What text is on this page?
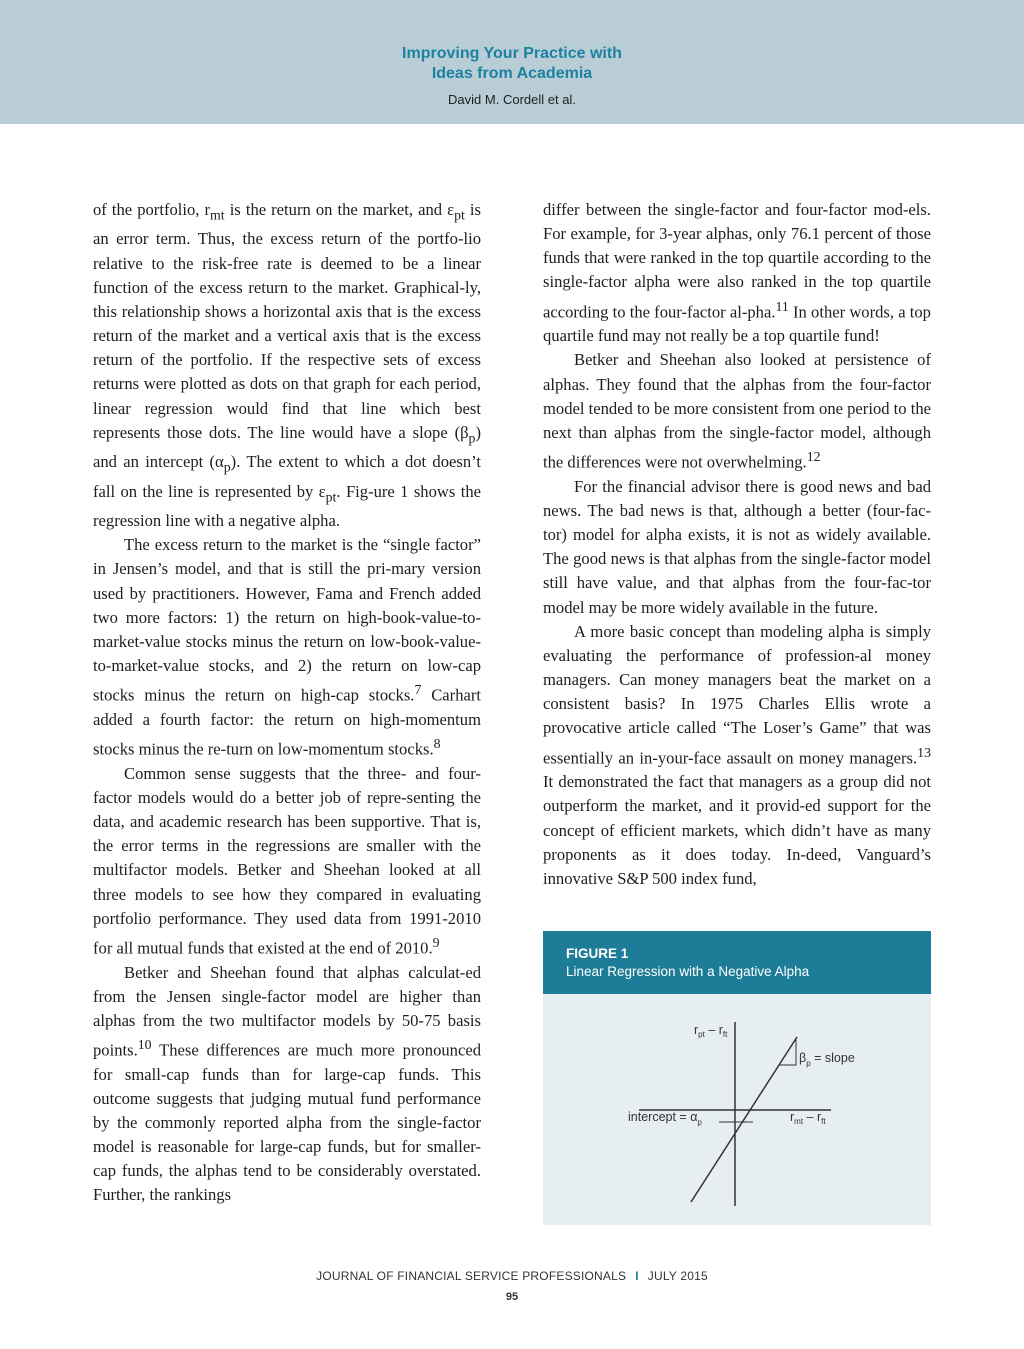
Improving Your Practice with
Ideas from Academia
David M. Cordell et al.

of the portfolio, $r_{mt}$ is the return on the market, and $\varepsilon_{pt}$ is an error term. Thus, the excess return of the portfo-lio relative to the risk-free rate is deemed to be a linear function of the excess return to the market. Graphical-ly, this relationship shows a horizontal axis that is the excess return of the market and a vertical axis that is the excess return of the portfolio. If the respective sets of excess returns were plotted as dots on that graph for each period, linear regression would find that line which best represents those dots. The line would have a slope $(\beta_p)$ and an intercept $(\alpha_p)$. The extent to which a dot doesn’t fall on the line is represented by $\varepsilon_{pt}$. Fig-ure 1 shows the regression line with a negative alpha.

The excess return to the market is the “single factor” in Jensen’s model, and that is still the pri-mary version used by practitioners. However, Fama and French added two more factors: 1) the return on high-book-value-to-market-value stocks minus the return on low-book-value-to-market-value stocks, and 2) the return on low-cap stocks minus the return on high-cap stocks.$^7$ Carhart added a fourth factor: the return on high-momentum stocks minus the re-turn on low-momentum stocks.$^8$

Common sense suggests that the three- and four-factor models would do a better job of repre-senting the data, and academic research has been supportive. That is, the error terms in the regressions are smaller with the multifactor models. Betker and Sheehan looked at all three models to see how they compared in evaluating portfolio performance. They used data from 1991-2010 for all mutual funds that existed at the end of 2010.$^9$

Betker and Sheehan found that alphas calculat-ed from the Jensen single-factor model are higher than alphas from the two multifactor models by 50-75 basis points.$^{10}$ These differences are much more pronounced for small-cap funds than for large-cap funds. This outcome suggests that judging mutual fund performance by the commonly reported alpha from the single-factor model is reasonable for large-cap funds, but for smaller-cap funds, the alphas tend to be considerably overstated. Further, the rankings

differ between the single-factor and four-factor mod-els. For example, for 3-year alphas, only 76.1 percent of those funds that were ranked in the top quartile according to the single-factor alpha were also ranked in the top quartile according to the four-factor al-pha.$^{11}$ In other words, a top quartile fund may not really be a top quartile fund!

Betker and Sheehan also looked at persistence of alphas. They found that the alphas from the four-factor model tended to be more consistent from one period to the next than alphas from the single-factor model, although the differences were not overwhelming.$^{12}$

For the financial advisor there is good news and bad news. The bad news is that, although a better (four-fac-tor) model for alpha exists, it is not as widely available. The good news is that alphas from the single-factor model still have value, and that alphas from the four-fac-tor model may be more widely available in the future.

A more basic concept than modeling alpha is simply evaluating the performance of profession-al money managers. Can money managers beat the market on a consistent basis? In 1975 Charles Ellis wrote a provocative article called “The Loser’s Game” that was essentially an in-your-face assault on money managers.$^{13}$ It demonstrated the fact that managers as a group did not outperform the market, and it provid-ed support for the concept of efficient markets, which didn’t have as many proponents as it does today. In-deed, Vanguard’s innovative S&P 500 index fund,

FIGURE 1
Linear Regression with a Negative Alpha
$r_{pt} - r_{ft}$
$\beta_p$ = slope
intercept = $\alpha_p$	$r_{mt} - r_{ft}$
JOURNAL OF FINANCIAL SERVICE PROFESSIONALS I JULY 2015
95
